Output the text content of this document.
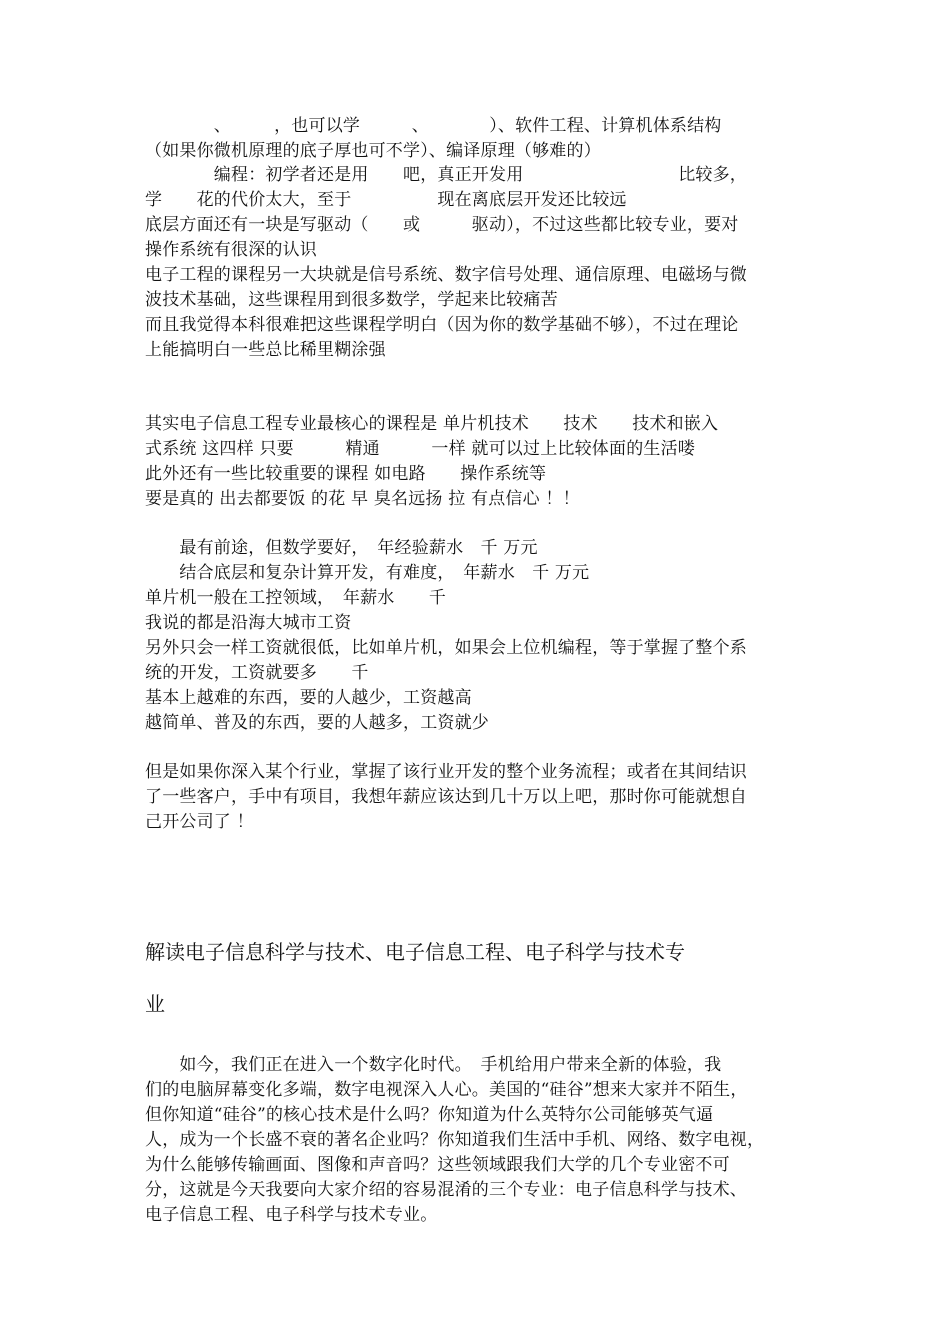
　　　　、　　　，也可以学　　　、　　　　）、软件工程、计算机体系结构
（如果你微机原理的底子厚也可不学）、编译原理（够难的）
　　　　编程：初学者还是用　　吧，真正开发用　　　　　　　　　比较多，
学　　花的代价太大，至于　　　　　现在离底层开发还比较远
底层方面还有一块是写驱动（　　或　　　驱动），不过这些都比较专业，要对
操作系统有很深的认识
电子工程的课程另一大块就是信号系统、数字信号处理、通信原理、电磁场与微
波技术基础，这些课程用到很多数学，学起来比较痛苦
而且我觉得本科很难把这些课程学明白（因为你的数学基础不够），不过在理论
上能搞明白一些总比稀里糊涂强
其实电子信息工程专业最核心的课程是 单片机技术　　技术　　技术和嵌入
式系统 这四样 只要　　　精通　　　一样 就可以过上比较体面的生活喽
此外还有一些比较重要的课程 如电路　　操作系统等
要是真的 出去都要饭 的花 早 臭名远扬 拉 有点信心 ！！
　　最有前途，但数学要好，　年经验薪水　千 万元
　　结合底层和复杂计算开发，有难度，　年薪水　千 万元
单片机一般在工控领域，　年薪水　　千
我说的都是沿海大城市工资
另外只会一样工资就很低，比如单片机，如果会上位机编程，等于掌握了整个系
统的开发，工资就要多　　千
基本上越难的东西，要的人越少，工资越高
越简单、普及的东西，要的人越多，工资就少
但是如果你深入某个行业，掌握了该行业开发的整个业务流程；或者在其间结识
了一些客户，手中有项目，我想年薪应该达到几十万以上吧，那时你可能就想自
己开公司了 ！
解读电子信息科学与技术、电子信息工程、电子科学与技术专
业
　　如今，我们正在进入一个数字化时代。　手机给用户带来全新的体验，我
们的电脑屏幕变化多端，数字电视深入人心。美国的“硅谷”想来大家并不陌生，
但你知道“硅谷”的核心技术是什么吗？你知道为什么英特尔公司能够英气逼
人，成为一个长盛不衰的著名企业吗？你知道我们生活中手机、网络、数字电视，
为什么能够传输画面、图像和声音吗？这些领域跟我们大学的几个专业密不可
分，这就是今天我要向大家介绍的容易混淆的三个专业：电子信息科学与技术、
电子信息工程、电子科学与技术专业。
